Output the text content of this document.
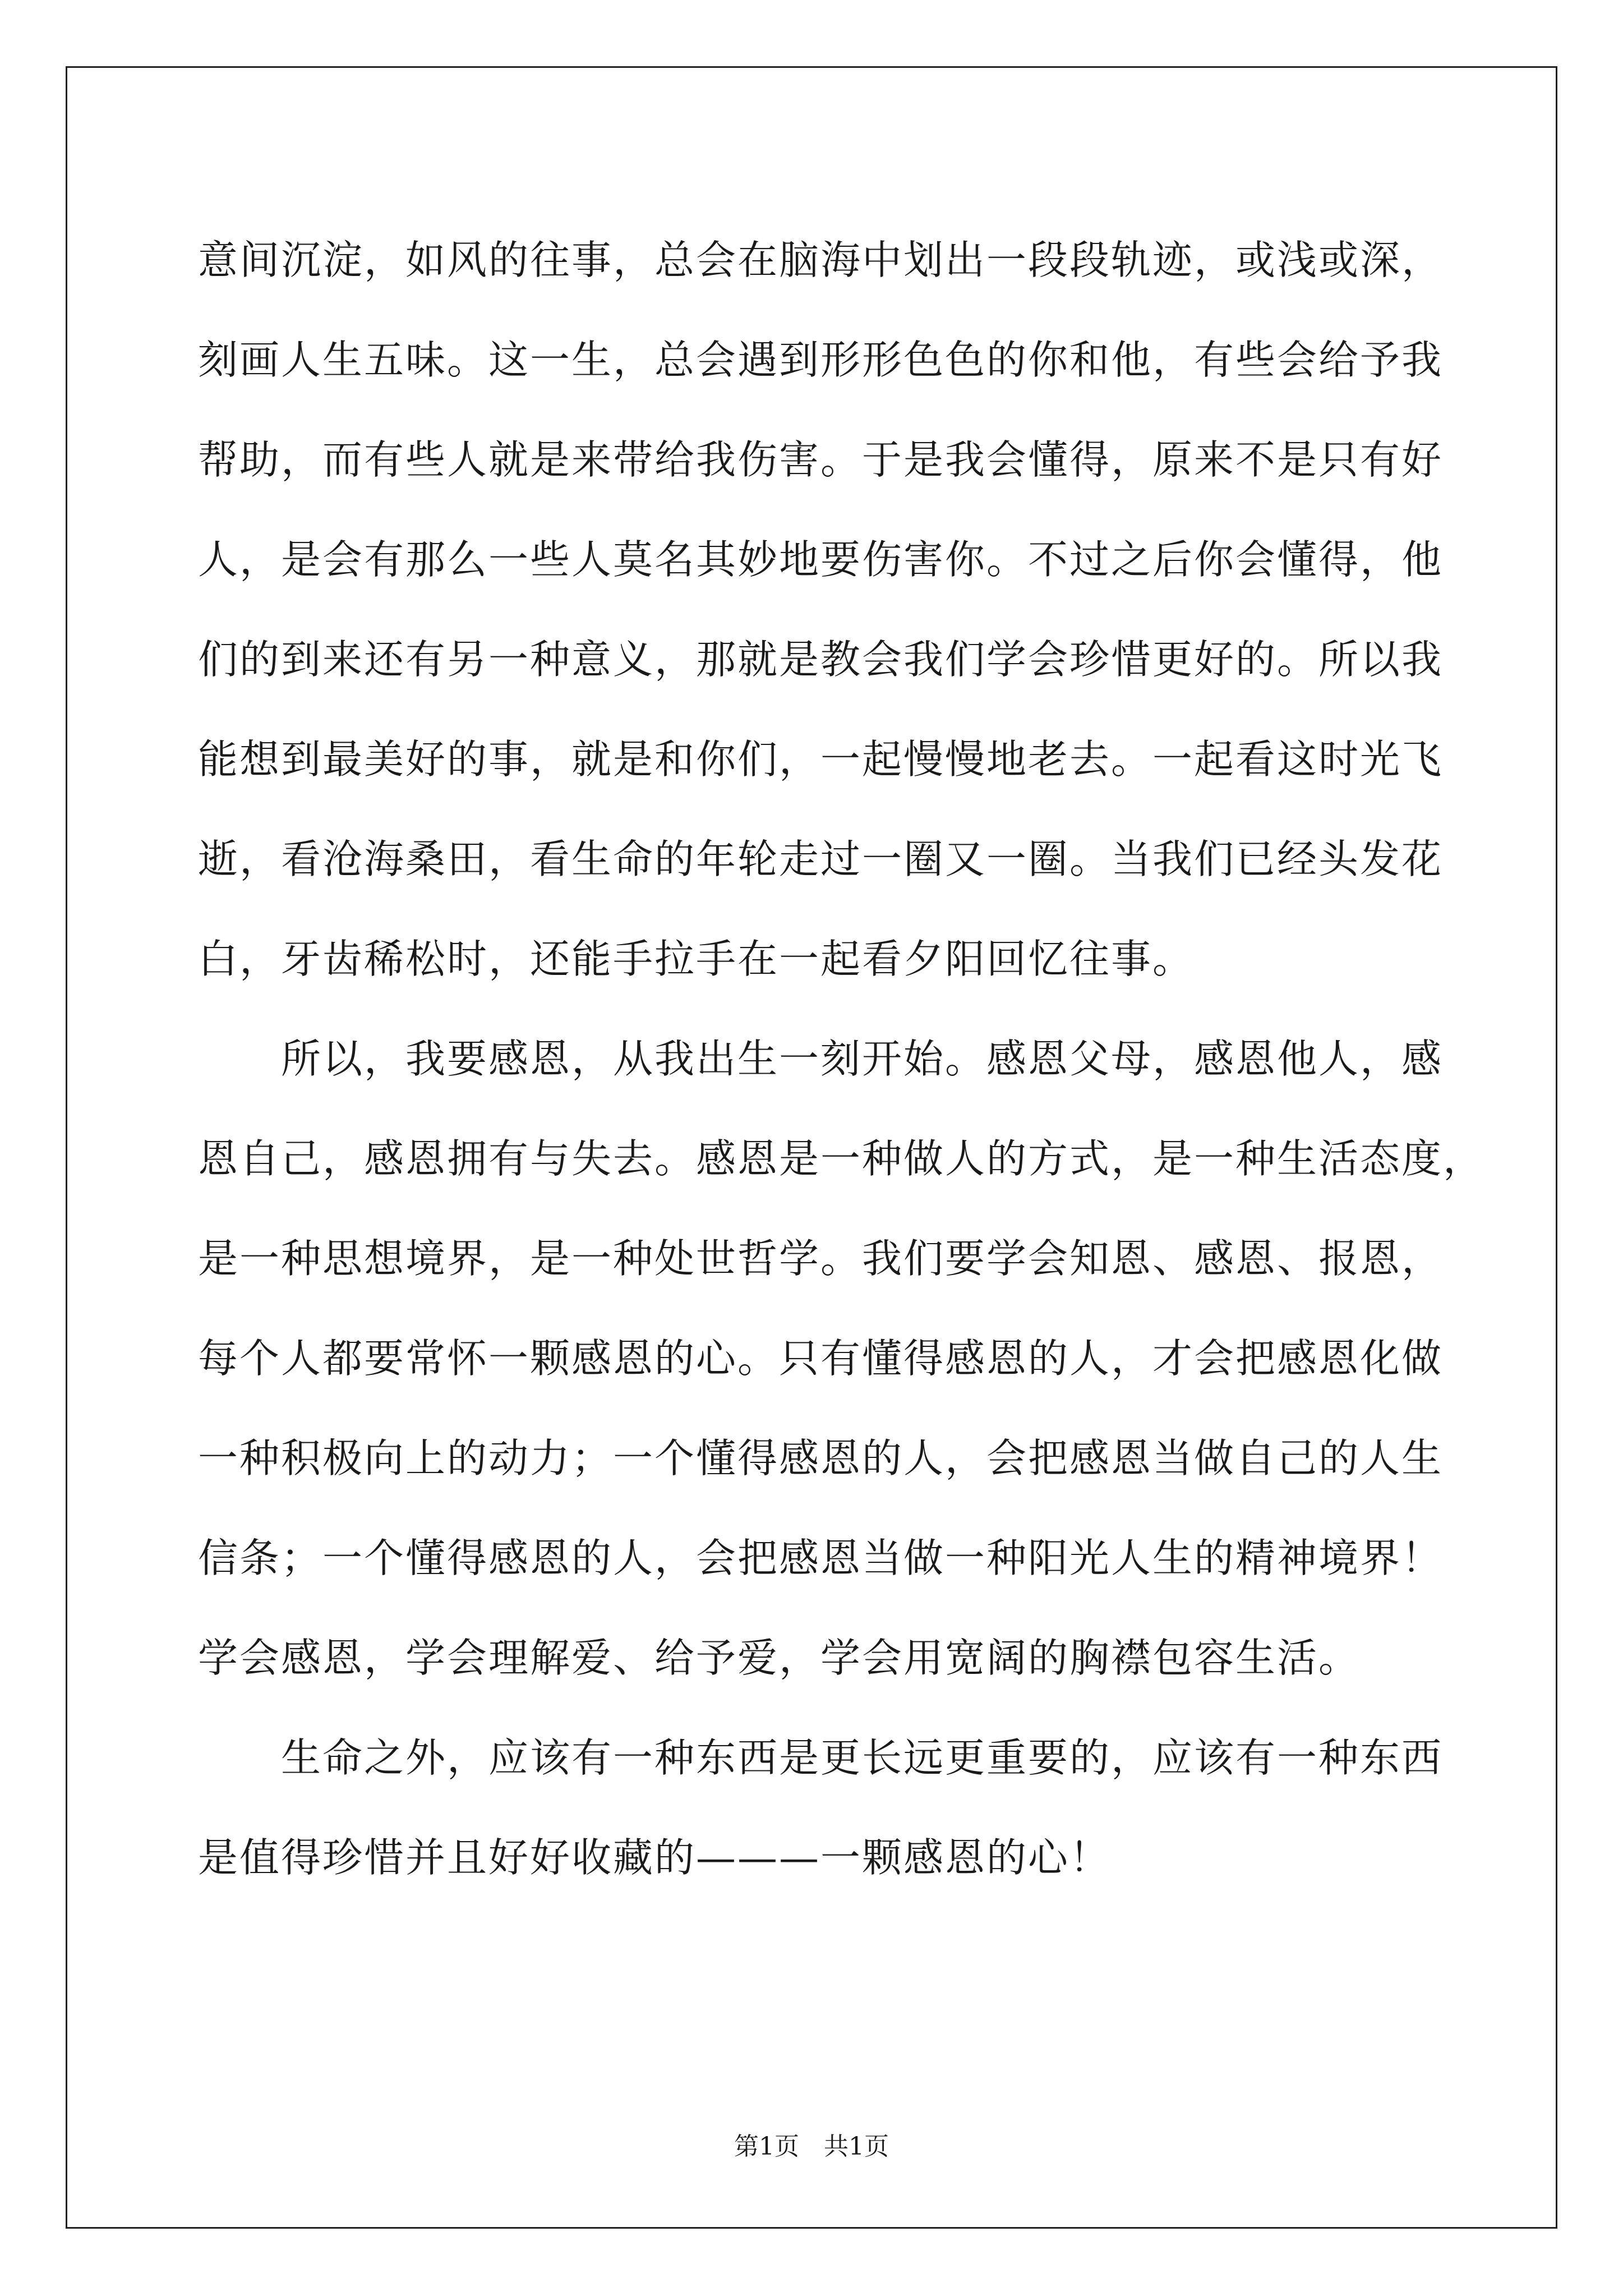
意间沉淀，如风的往事，总会在脑海中划出一段段轨迹，或浅或深，
刻画人生五味。这一生，总会遇到形形色色的你和他，有些会给予我
帮助，而有些人就是来带给我伤害。于是我会懂得，原来不是只有好
人，是会有那么一些人莫名其妙地要伤害你。不过之后你会懂得，他
们的到来还有另一种意义，那就是教会我们学会珍惜更好的。所以我
能想到最美好的事，就是和你们，一起慢慢地老去。一起看这时光飞
逝，看沧海桑田，看生命的年轮走过一圈又一圈。当我们已经头发花
白，牙齿稀松时，还能手拉手在一起看夕阳回忆往事。
所以，我要感恩，从我出生一刻开始。感恩父母，感恩他人，感
恩自己，感恩拥有与失去。感恩是一种做人的方式，是一种生活态度，
是一种思想境界，是一种处世哲学。我们要学会知恩、感恩、报恩，
每个人都要常怀一颗感恩的心。只有懂得感恩的人，才会把感恩化做
一种积极向上的动力；一个懂得感恩的人，会把感恩当做自己的人生
信条；一个懂得感恩的人，会把感恩当做一种阳光人生的精神境界！
学会感恩，学会理解爱、给予爱，学会用宽阔的胸襟包容生活。
生命之外，应该有一种东西是更长远更重要的，应该有一种东西
是值得珍惜并且好好收藏的———一颗感恩的心！
第1页　共1页
